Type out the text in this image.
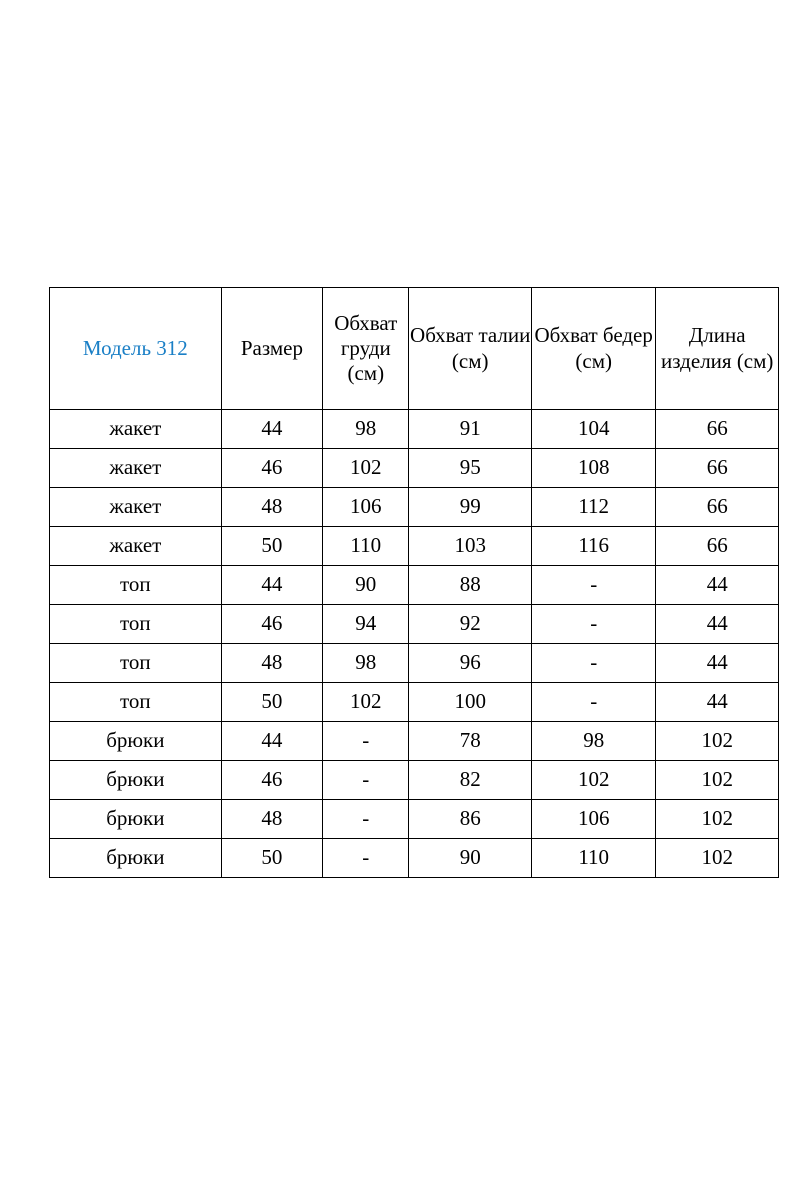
Модель 312	Размер	Обхват груди (см)	Обхват талии (см)	Обхват бедер (см)	Длина изделия (см)
жакет	44	98	91	104	66
жакет	46	102	95	108	66
жакет	48	106	99	112	66
жакет	50	110	103	116	66
топ	44	90	88	-	44
топ	46	94	92	-	44
топ	48	98	96	-	44
топ	50	102	100	-	44
брюки	44	-	78	98	102
брюки	46	-	82	102	102
брюки	48	-	86	106	102
брюки	50	-	90	110	102
